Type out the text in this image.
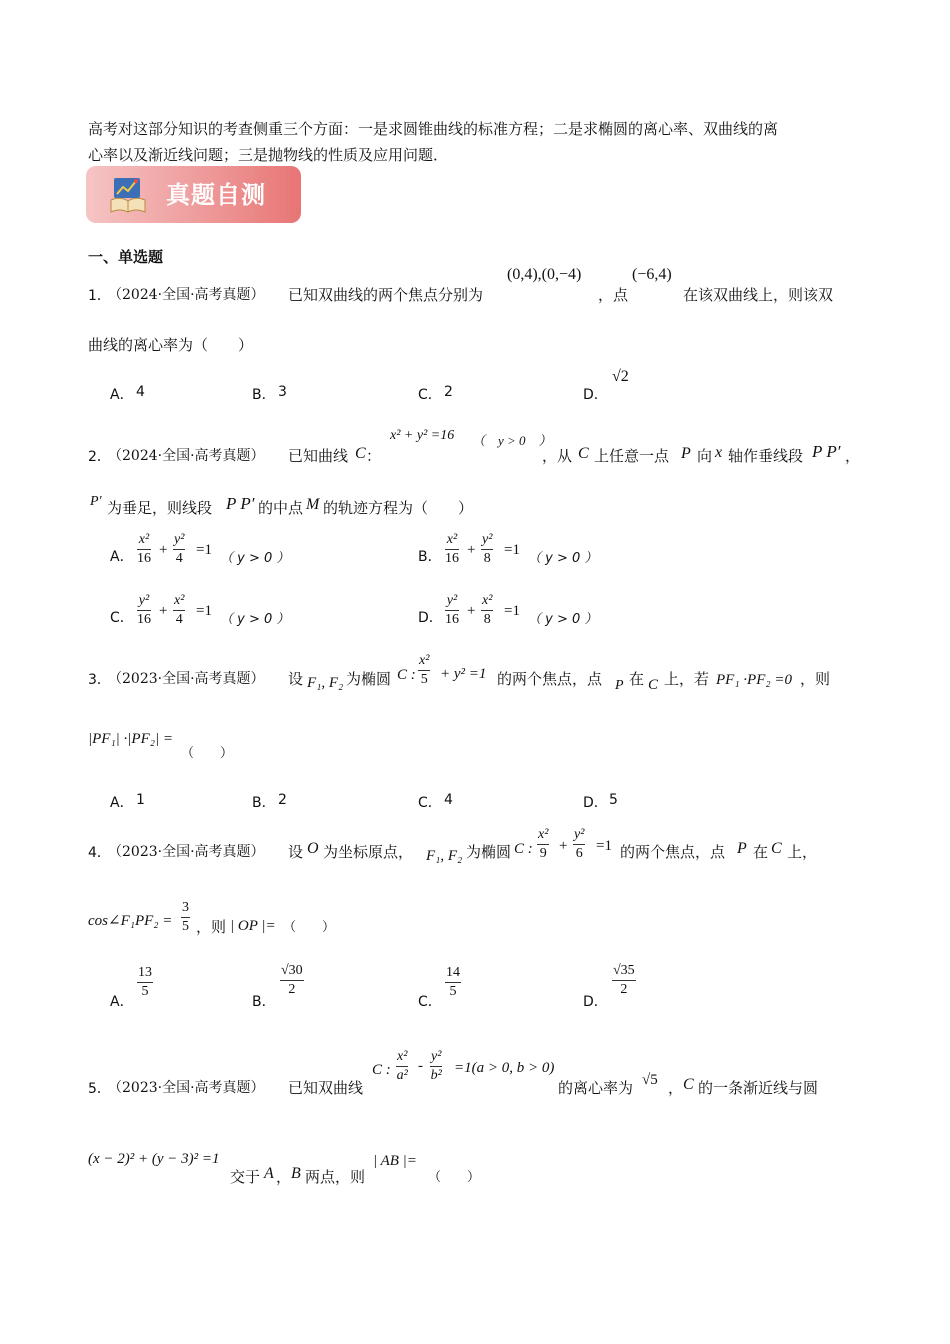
高考对这部分知识的考查侧重三个方面：一是求圆锥曲线的标准方程；二是求椭圆的离心率、双曲线的离
心率以及渐近线问题；三是抛物线的性质及应用问题．
真题自测
一、单选题
1．
（2024·全国·高考真题） 已知双曲线的两个焦点分别为
(0,4),(0,−4)
，点
(−6,4)
在该双曲线上，则该双
曲线的离心率为（　　）
A． 4	B． 3	C． 2	D．
√2
2．
（2024·全国·高考真题） 已知曲线 C ：
x² + y² =16 （　y > 0　）
，从 C 上任意一点 P 向 x 轴作垂线段 P P′ ，
P′ 为垂足，则线段 P P′ 的中点 M 的轨迹方程为（　　）
A． $\frac{\text{x²}}{16} + \frac{\text{y²}}{4} =1$
（ y > 0 ）	B． $\frac{\text{x²}}{16} + \frac{\text{y²}}{8} =1$
（ y > 0 ）
C． $\frac{\text{y²}}{16} + \frac{\text{x²}}{4} =1$
（ y > 0 ）	D． $\frac{\text{y²}}{16} + \frac{\text{x²}}{8} =1$
（ y > 0 ）
3．
（2023·全国·高考真题） 设 F₁, F₂ 为椭圆 C : $\frac{\text{x²}}{5} + y^2 =1$ 的两个焦点，点 P 在 C 上，若 PF₁ ·PF₂ =0 ，则
|PF₁| ·|PF₂| =
（　　）
A． 1	B． 2	C． 4	D． 5
4．
（2023·全国·高考真题） 设 O 为坐标原点， F₁, F₂ 为椭圆 C : $\frac{\text{x²}}{9} + \frac{\text{y²}}{6} =1$ 的两个焦点，点 P 在 C 上，
cos∠F₁PF₂ = $\frac{3}{5}$ ，则 | OP |= （　　）
A．
$\frac{13}{5}$
B．
$\frac{√30}{2}$
C．
$\frac{14}{5}$
D．
$\frac{√35}{2}$
5．
（2023·全国·高考真题） 已知双曲线
C : $\frac{\text{x²}}{\text{a²}} - \frac{\text{y²}}{\text{b²}} =1(a > 0$, b > 0)
的离心率为 √5 ， C 的一条渐近线与圆
(x − 2)² + (y − 3)² =1
交于 A ， B 两点，则
| AB |=
（　　）
